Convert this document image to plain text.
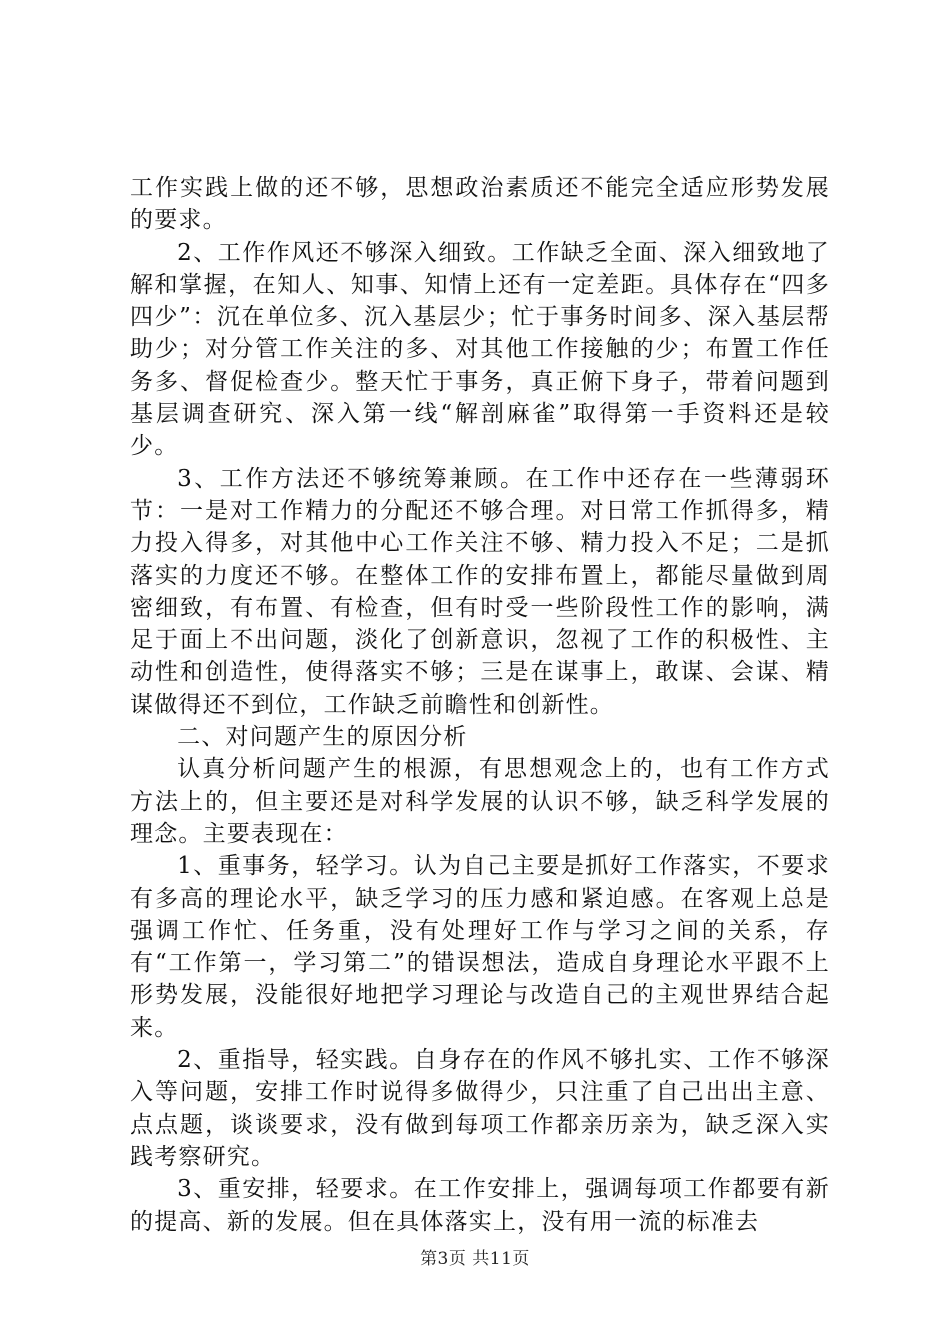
工作实践上做的还不够，思想政治素质还不能完全适应形势发展的要求。

2、工作作风还不够深入细致。工作缺乏全面、深入细致地了解和掌握，在知人、知事、知情上还有一定差距。具体存在“四多四少”：沉在单位多、沉入基层少；忙于事务时间多、深入基层帮助少；对分管工作关注的多、对其他工作接触的少；布置工作任务多、督促检查少。整天忙于事务，真正俯下身子，带着问题到基层调查研究、深入第一线“解剖麻雀”取得第一手资料还是较少。

3、工作方法还不够统筹兼顾。在工作中还存在一些薄弱环节：一是对工作精力的分配还不够合理。对日常工作抓得多，精力投入得多，对其他中心工作关注不够、精力投入不足；二是抓落实的力度还不够。在整体工作的安排布置上，都能尽量做到周密细致，有布置、有检查，但有时受一些阶段性工作的影响，满足于面上不出问题，淡化了创新意识，忽视了工作的积极性、主动性和创造性，使得落实不够；三是在谋事上，敢谋、会谋、精谋做得还不到位，工作缺乏前瞻性和创新性。

二、对问题产生的原因分析

认真分析问题产生的根源，有思想观念上的，也有工作方式方法上的，但主要还是对科学发展的认识不够，缺乏科学发展的理念。主要表现在：

1、重事务，轻学习。认为自己主要是抓好工作落实，不要求有多高的理论水平，缺乏学习的压力感和紧迫感。在客观上总是强调工作忙、任务重，没有处理好工作与学习之间的关系，存有“工作第一，学习第二”的错误想法，造成自身理论水平跟不上形势发展，没能很好地把学习理论与改造自己的主观世界结合起来。

2、重指导，轻实践。自身存在的作风不够扎实、工作不够深入等问题，安排工作时说得多做得少，只注重了自己出出主意、点点题，谈谈要求，没有做到每项工作都亲历亲为，缺乏深入实践考察研究。

3、重安排，轻要求。在工作安排上，强调每项工作都要有新的提高、新的发展。但在具体落实上，没有用一流的标准去

第3页 共11页
